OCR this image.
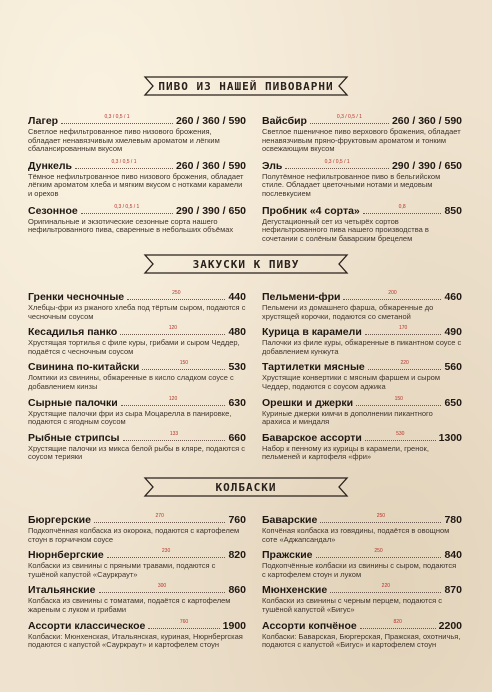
ПИВО ИЗ НАШЕЙ ПИВОВАРНИ
Лагер	0,3 / 0,5 / 1	260 / 360 / 590
Светлое нефильтрованное пиво низового брожения, обладает ненавязчивым хмелевым ароматом и лёгким сбалансированным вкусом
Дункель	0,3 / 0,5 / 1	260 / 360 / 590
Тёмное нефильтрованное пиво низового брожения, обладает лёгким ароматом хлеба и мягким вкусом с нотками карамели и орехов
Сезонное	0,3 / 0,5 / 1	290 / 390 / 650
Оригинальные и экзотические сезонные сорта нашего нефильтрованного пива, сваренные в небольших объёмах
Вайсбир	0,3 / 0,5 / 1	260 / 360 / 590
Светлое пшеничное пиво верхового брожения, обладает ненавязчивым пряно-фруктовым ароматом и тонким освежающим вкусом
Эль	0,3 / 0,5 / 1	290 / 390 / 650
Полутёмное нефильтрованное пиво в бельгийском стиле. Обладает цветочными нотами и медовым послевкусием
Пробник «4 сорта»	0,8	850
Дегустационный сет из четырёх сортов нефильтрованного пива нашего производства в сочетании с солёным баварским брецелем
ЗАКУСКИ К ПИВУ
Гренки чесночные	250	440
Хлебцы-фри из ржаного хлеба под тёртым сыром, подаются с чесночным соусом
Кесадилья панко	120	480
Хрустящая тортилья с филе куры, грибами и сыром Чеддер, подаётся с чесночным соусом
Свинина по-китайски	150	530
Ломтики из свинины, обжаренные в кисло сладком соусе с добавлением кинзы
Сырные палочки	120	630
Хрустящие палочки фри из сыра Моцарелла в панировке, подаются с ягодным соусом
Рыбные стрипсы	133	660
Хрустящие палочки из микса белой рыбы в кляре, подаются с соусом терияки
Пельмени-фри	200	460
Пельмени из домашнего фарша, обжаренные до хрустящей корочки, подаются со сметаной
Курица в карамели	170	490
Палочки из филе куры, обжаренные в пикантном соусе с добавлением кунжута
Тартилетки мясные	220	560
Хрустящие конвертики с мясным фаршем и сыром Чеддер, подаются с соусом аджика
Орешки и джерки	150	650
Куриные джерки кимчи в дополнении пикантного арахиса и миндаля
Баварское ассорти	530	1300
Набор к пенному из курицы в карамели, гренок, пельменей и картофеля «фри»
КОЛБАСКИ
Бюргерские	270	760
Подкопчённая колбаска из окорока, подаются с картофелем стоун в горчичном соусе
Нюрнбергские	230	820
Колбаски из свинины с пряными травами, подаются с тушёной капустой «Сауркраут»
Итальянские	300	860
Колбаска из свинины с томатами, подаётся с картофелем жареным с луком и грибами
Ассорти классическое	760	1900
Колбаски: Мюнхенская, Итальянская, куриная, Нюрнбергская подаются с капустой «Сауркраут» и картофелем стоун
Баварские	250	780
Копчёная колбаска из говядины, подаётся в овощном соте «Аджапсандал»
Пражские	250	840
Подкопчённые колбаски из свинины с сыром, подаются с картофелем стоун и луком
Мюнхенские	220	870
Колбаски из свинины с черным перцем, подаются с тушёной капустой «Бигус»
Ассорти копчёное	820	2200
Колбаски: Баварская, Бюргерская, Пражская, охотничья, подаются с капустой «Бигус» и картофелем стоун
